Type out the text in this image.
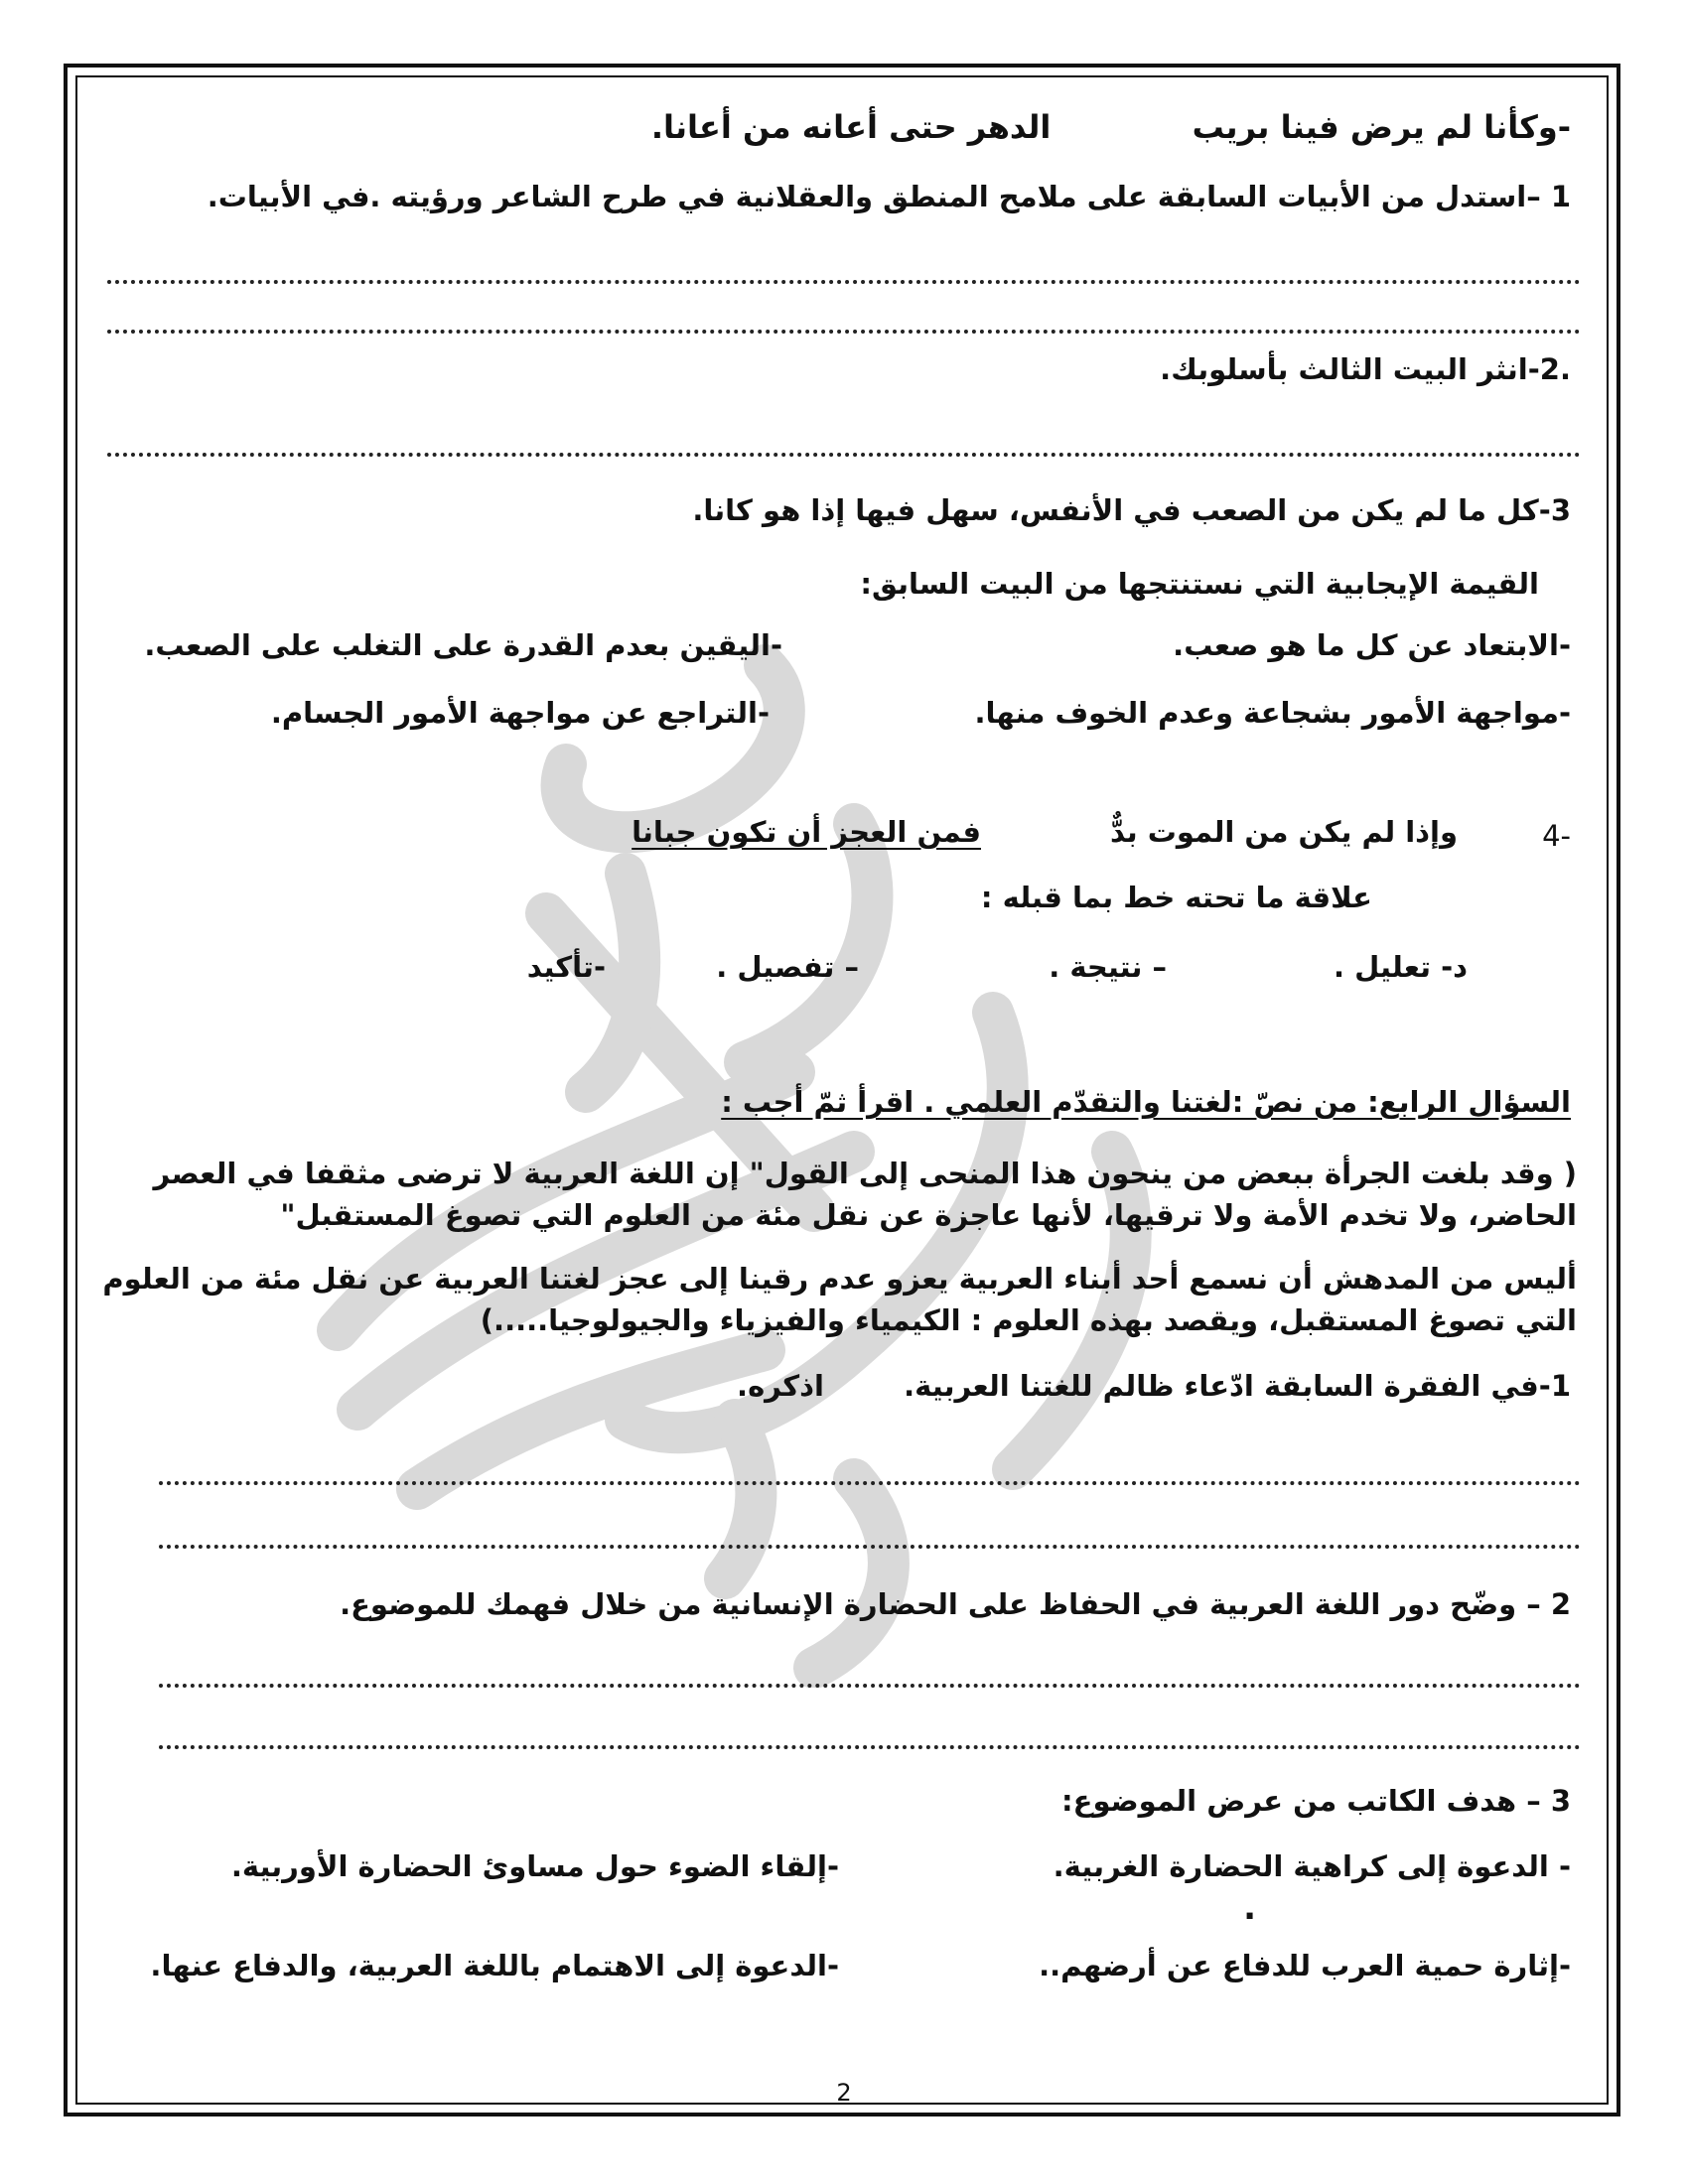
-وكأنا لم يرض فينا بريب  الدهر حتى أعانه من أعانا.
1 –استدل من الأبيات السابقة على ملامح المنطق والعقلانية في طرح الشاعر ورؤيته .في الأبيات.
.2-انثر البيت الثالث بأسلوبك.
3-كل ما لم يكن من الصعب في الأنفس، سهل فيها إذا هو كانا.
القيمة الإيجابية التي نستنتجها من البيت السابق:
-الابتعاد عن كل ما هو صعب.
-اليقين بعدم القدرة على التغلب على الصعب.
-مواجهة الأمور بشجاعة وعدم الخوف منها.
-التراجع عن مواجهة الأمور الجسام.
-4
وإذا لم يكن من الموت بدٌّ
فمن العجز أن تكون جبانا
علاقة ما تحته خط بما قبله :
د- تعليل .
– نتيجة .
– تفصيل .
-تأكيد
السؤال الرابع: من نصّ :لغتنا والتقدّم العلمي . اقرأ ثمّ أجب :
( وقد بلغت الجرأة ببعض من ينحون هذا المنحى إلى القول" إن اللغة العربية لا ترضى مثقفا في العصر
الحاضر، ولا تخدم الأمة ولا ترقيها، لأنها عاجزة عن نقل مئة من العلوم التي تصوغ المستقبل"
أليس من المدهش أن نسمع أحد أبناء العربية يعزو عدم رقينا إلى عجز لغتنا العربية عن نقل مئة من العلوم
التي تصوغ المستقبل، ويقصد بهذه العلوم : الكيمياء والفيزياء والجيولوجيا.....)
1-في الفقرة السابقة ادّعاء ظالم للغتنا العربية.  اذكره.
2 – وضّح دور اللغة العربية في الحفاظ على الحضارة الإنسانية من خلال فهمك للموضوع.
3 – هدف الكاتب من عرض الموضوع:
- الدعوة إلى كراهية الحضارة الغربية.
-إلقاء الضوء حول مساوئ الحضارة الأوربية.
.
-إثارة حمية العرب للدفاع عن أرضهم..
-الدعوة إلى الاهتمام باللغة العربية، والدفاع عنها.
2
